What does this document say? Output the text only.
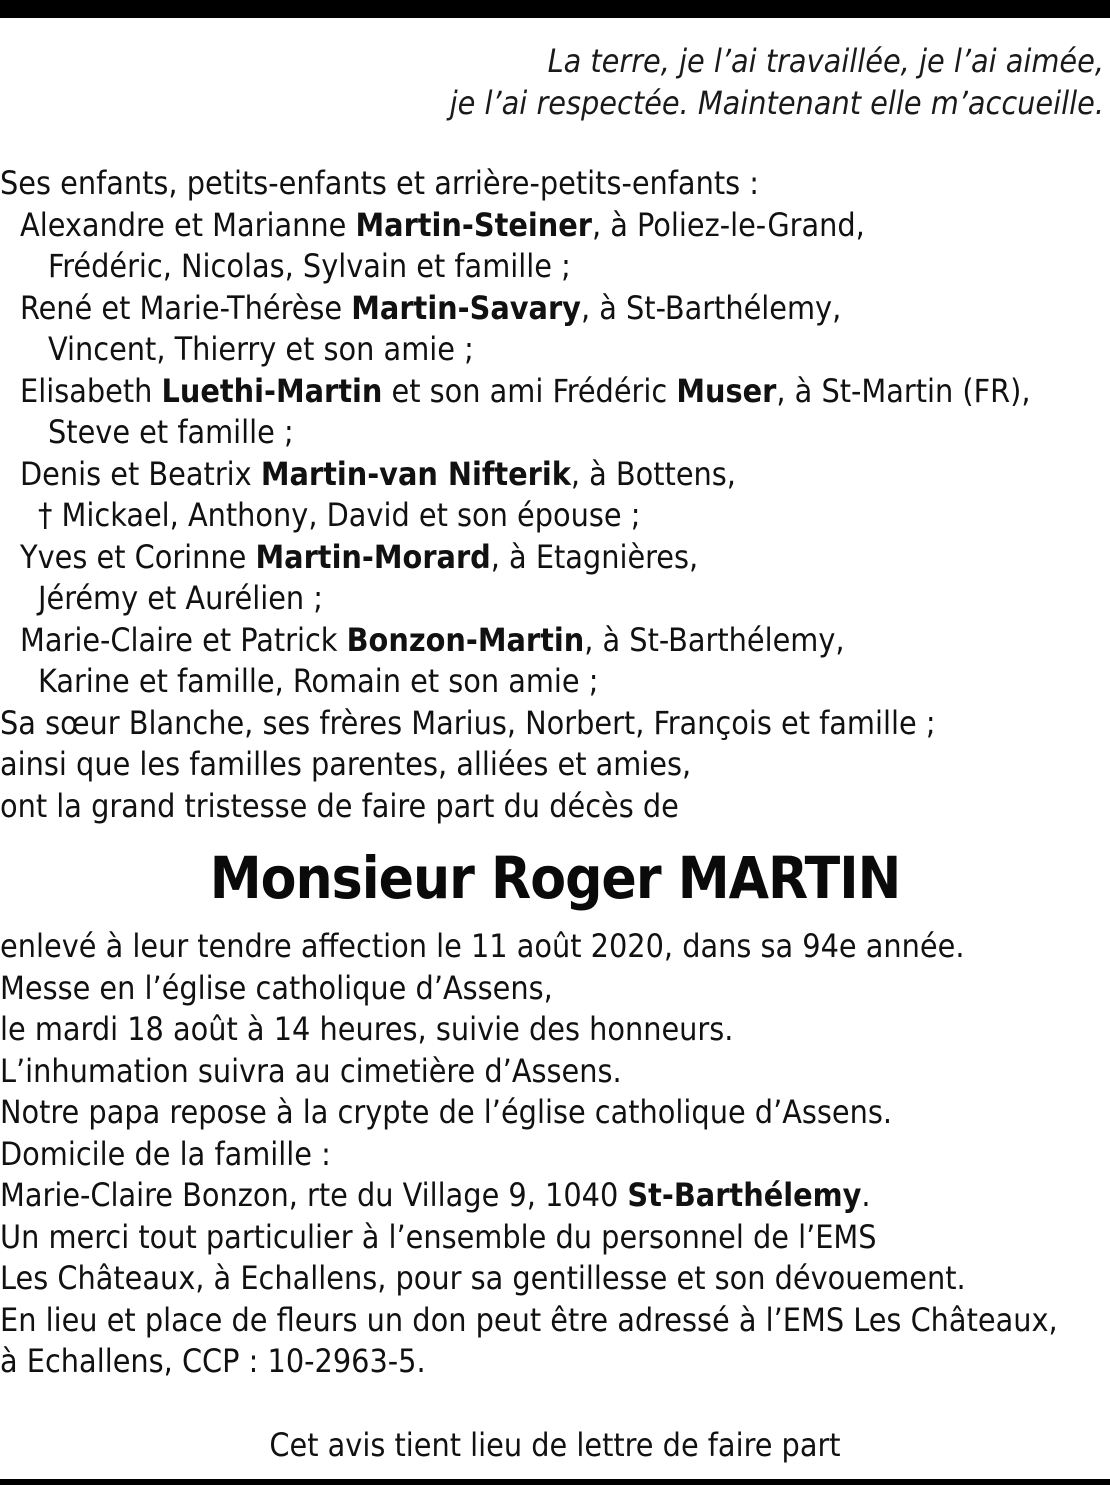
La terre, je l’ai travaillée, je l’ai aimée,
je l’ai respectée. Maintenant elle m’accueille.
Ses enfants, petits-enfants et arrière-petits-enfants :
Alexandre et Marianne Martin-Steiner, à Poliez-le-Grand,
Frédéric, Nicolas, Sylvain et famille ;
René et Marie-Thérèse Martin-Savary, à St-Barthélemy,
Vincent, Thierry et son amie ;
Elisabeth Luethi-Martin et son ami Frédéric Muser, à St-Martin (FR),
Steve et famille ;
Denis et Beatrix Martin-van Nifterik, à Bottens,
† Mickael, Anthony, David et son épouse ;
Yves et Corinne Martin-Morard, à Etagnières,
Jérémy et Aurélien ;
Marie-Claire et Patrick Bonzon-Martin, à St-Barthélemy,
Karine et famille, Romain et son amie ;
Sa sœur Blanche, ses frères Marius, Norbert, François et famille ;
ainsi que les familles parentes, alliées et amies,
ont la grand tristesse de faire part du décès de
Monsieur Roger MARTIN
enlevé à leur tendre affection le 11 août 2020, dans sa 94e année.
Messe en l’église catholique d’Assens,
le mardi 18 août à 14 heures, suivie des honneurs.
L’inhumation suivra au cimetière d’Assens.
Notre papa repose à la crypte de l’église catholique d’Assens.
Domicile de la famille :
Marie-Claire Bonzon, rte du Village 9, 1040 St-Barthélemy.
Un merci tout particulier à l’ensemble du personnel de l’EMS
Les Châteaux, à Echallens, pour sa gentillesse et son dévouement.
En lieu et place de fleurs un don peut être adressé à l’EMS Les Châteaux,
à Echallens, CCP : 10-2963-5.
Cet avis tient lieu de lettre de faire part
